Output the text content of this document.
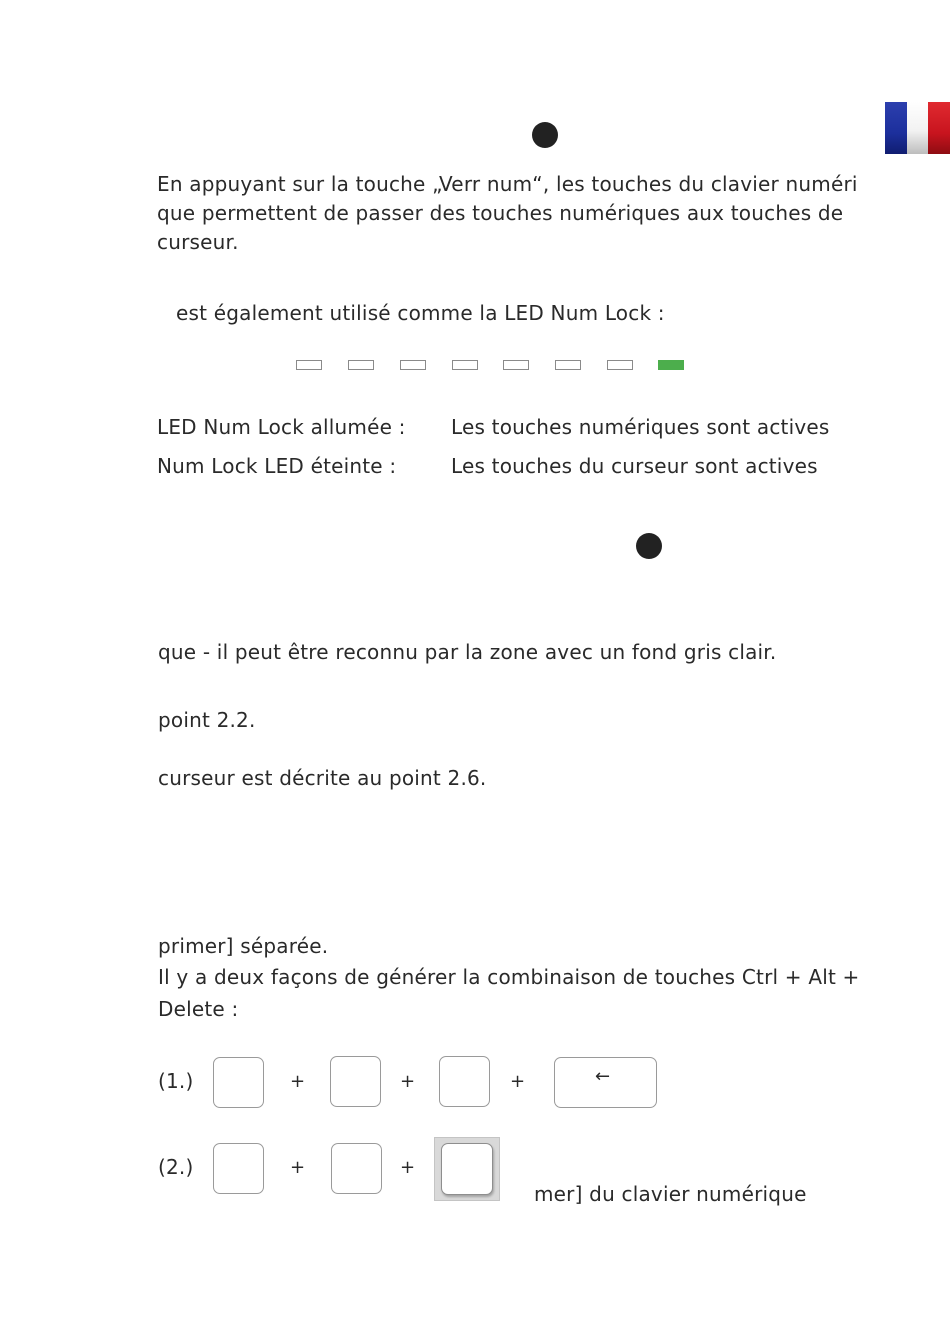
En appuyant sur la touche „Verr num“, les touches du clavier numéri
que permettent de passer des touches numériques aux touches de
curseur.
est également utilisé comme la LED Num Lock :
LED Num Lock allumée : Les touches numériques sont actives
Num Lock LED éteinte :	Les touches du curseur sont actives
que - il peut être reconnu par la zone avec un fond gris clair.
point 2.2.
curseur est décrite au point 2.6.
primer] séparée.
Il y a deux façons de générer la combinaison de touches Ctrl + Alt +
Delete :
(1.)	+	+	+	←
(2.)	+	+
mer] du clavier numérique
